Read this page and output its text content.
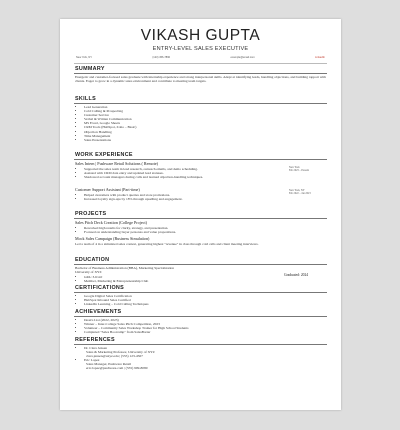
VIKASH GUPTA
ENTRY-LEVEL SALES EXECUTIVE
New York, NY	(123) 456-7890	example@email.com	LinkedIn
SUMMARY
Energetic and customer-focused sales graduate with internship experience and strong interpersonal skills. Adept at identifying leads, handling objections, and building rapport with clients. Eager to grow in a dynamic sales environment and contribute to meeting team targets.
SKILLS
• Lead Generation
• Cold Calling & Prospecting
• Customer Service
• Verbal & Written Communication
• MS Excel, Google Sheets
• CRM Tools (HubSpot, Zoho – Basic)
• Objection Handling
• Time Management
• Sales Presentations
WORK EXPERIENCE
Sales Intern | Pushware Retail Solutions ( Remote)
New York
Feb 2023 – Present
• Supported the sales team in lead research, outreach emails, and demo scheduling.
• Assisted with CRM data entry and updated lead statuses.
• Shadowed account managers during calls and learned objection-handling techniques.
Customer Support Assistant (Part-time)	New York, NY
Feb 2022 – Jan 2023
• Helped customers with product queries and store promotions.
• Increased loyalty sign-ups by 18% through upselling and engagement.
PROJECTS
Sales Pitch Deck Creation (College Project)
• Reworked high results for clarity, strategy, and presentation.
• Focused on understanding buyer personas and value propositions.
Mock Sales Campaign (Business Simulation)
Led a team of 4 in a simulated sales contest, generating highest "revenue" in class through cold calls and client meeting interviews.
EDUCATION
Bachelor of Business Administration (BBA), Marketing Specialization
University of XYZ
Graduated: 2024
• GPA: 3.6/4.0
• Member, Marketing & Entrepreneurship Club
CERTIFICATIONS
• Google Digital Sales Certification
• HubSpot Inbound Sales Certified
• LinkedIn Learning – Cold Calling Techniques
ACHIEVEMENTS
• Dean's List (2022, 2023)
• Winner – Inter-College Sales Pitch Competition, 2023
• Volunteer – Community Sales Workshop Trainer for High School Students
• Completed "Sales Bootcamp" from SalesBarter
REFERENCES
• Dr. Clara Jensen
Sales & Marketing Professor, University of XYZ
clara.jensen@uxyz.edu | (555) 123-4567
• Eric Lopez
Sales Manager, Pushware Retail
eric.lopez@pushware.com | (555) 909-8080
